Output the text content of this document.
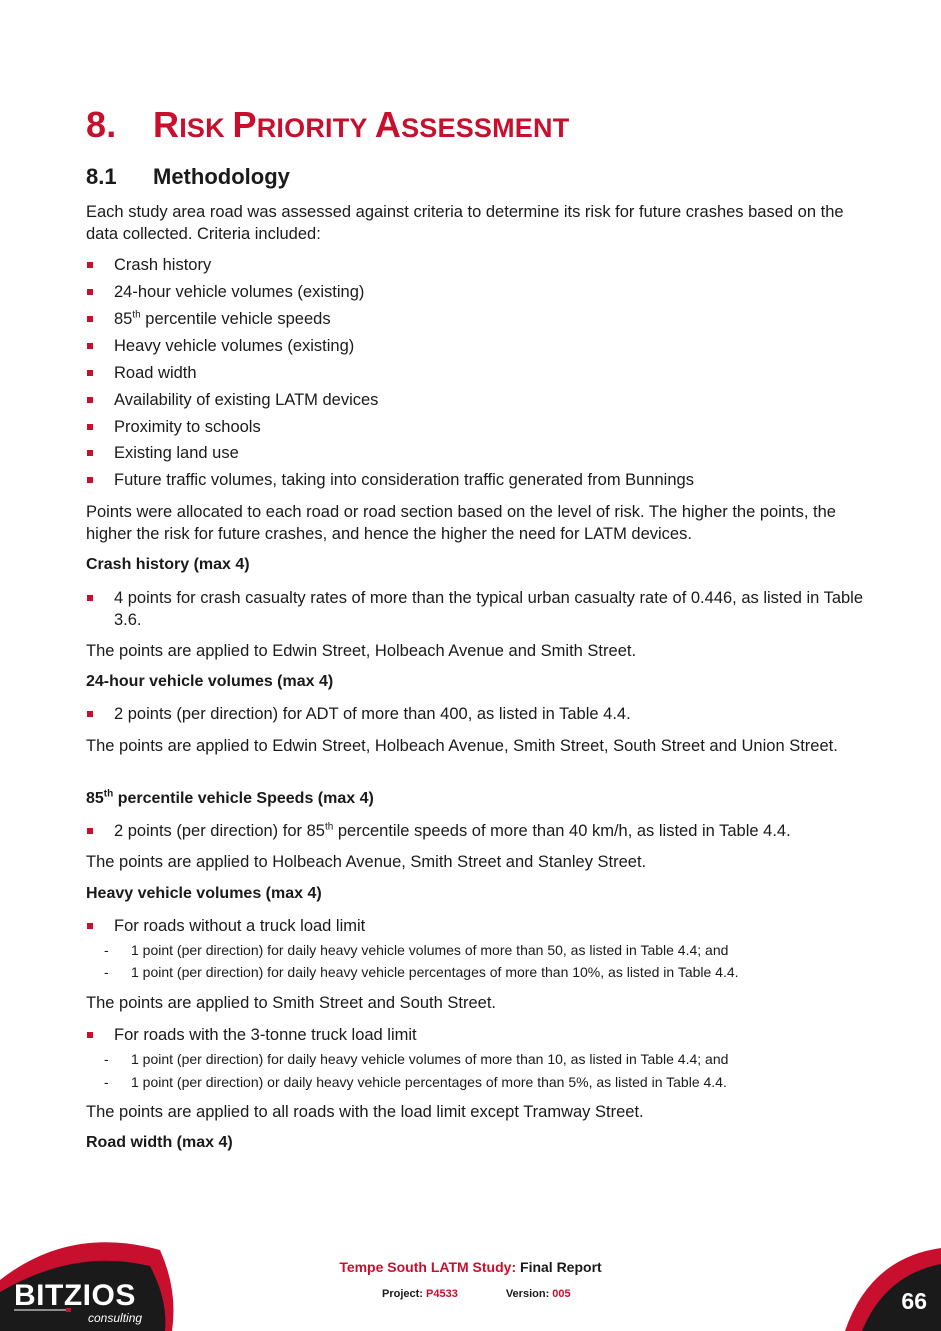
8. RISK PRIORITY ASSESSMENT
8.1 Methodology
Each study area road was assessed against criteria to determine its risk for future crashes based on the data collected. Criteria included:
Crash history
24-hour vehicle volumes (existing)
85th percentile vehicle speeds
Heavy vehicle volumes (existing)
Road width
Availability of existing LATM devices
Proximity to schools
Existing land use
Future traffic volumes, taking into consideration traffic generated from Bunnings
Points were allocated to each road or road section based on the level of risk. The higher the points, the higher the risk for future crashes, and hence the higher the need for LATM devices.
Crash history (max 4)
4 points for crash casualty rates of more than the typical urban casualty rate of 0.446, as listed in Table 3.6.
The points are applied to Edwin Street, Holbeach Avenue and Smith Street.
24-hour vehicle volumes (max 4)
2 points (per direction) for ADT of more than 400, as listed in Table 4.4.
The points are applied to Edwin Street, Holbeach Avenue, Smith Street, South Street and Union Street.
85th percentile vehicle Speeds (max 4)
2 points (per direction) for 85th percentile speeds of more than 40 km/h, as listed in Table 4.4.
The points are applied to Holbeach Avenue, Smith Street and Stanley Street.
Heavy vehicle volumes (max 4)
For roads without a truck load limit
- 1 point (per direction) for daily heavy vehicle volumes of more than 50, as listed in Table 4.4; and
- 1 point (per direction) for daily heavy vehicle percentages of more than 10%, as listed in Table 4.4.
The points are applied to Smith Street and South Street.
For roads with the 3-tonne truck load limit
- 1 point (per direction) for daily heavy vehicle volumes of more than 10, as listed in Table 4.4; and
- 1 point (per direction) or daily heavy vehicle percentages of more than 5%, as listed in Table 4.4.
The points are applied to all roads with the load limit except Tramway Street.
Road width (max 4)
BITZIOS
consulting
Tempe South LATM Study: Final Report
Project: P4533	Version: 005	66
